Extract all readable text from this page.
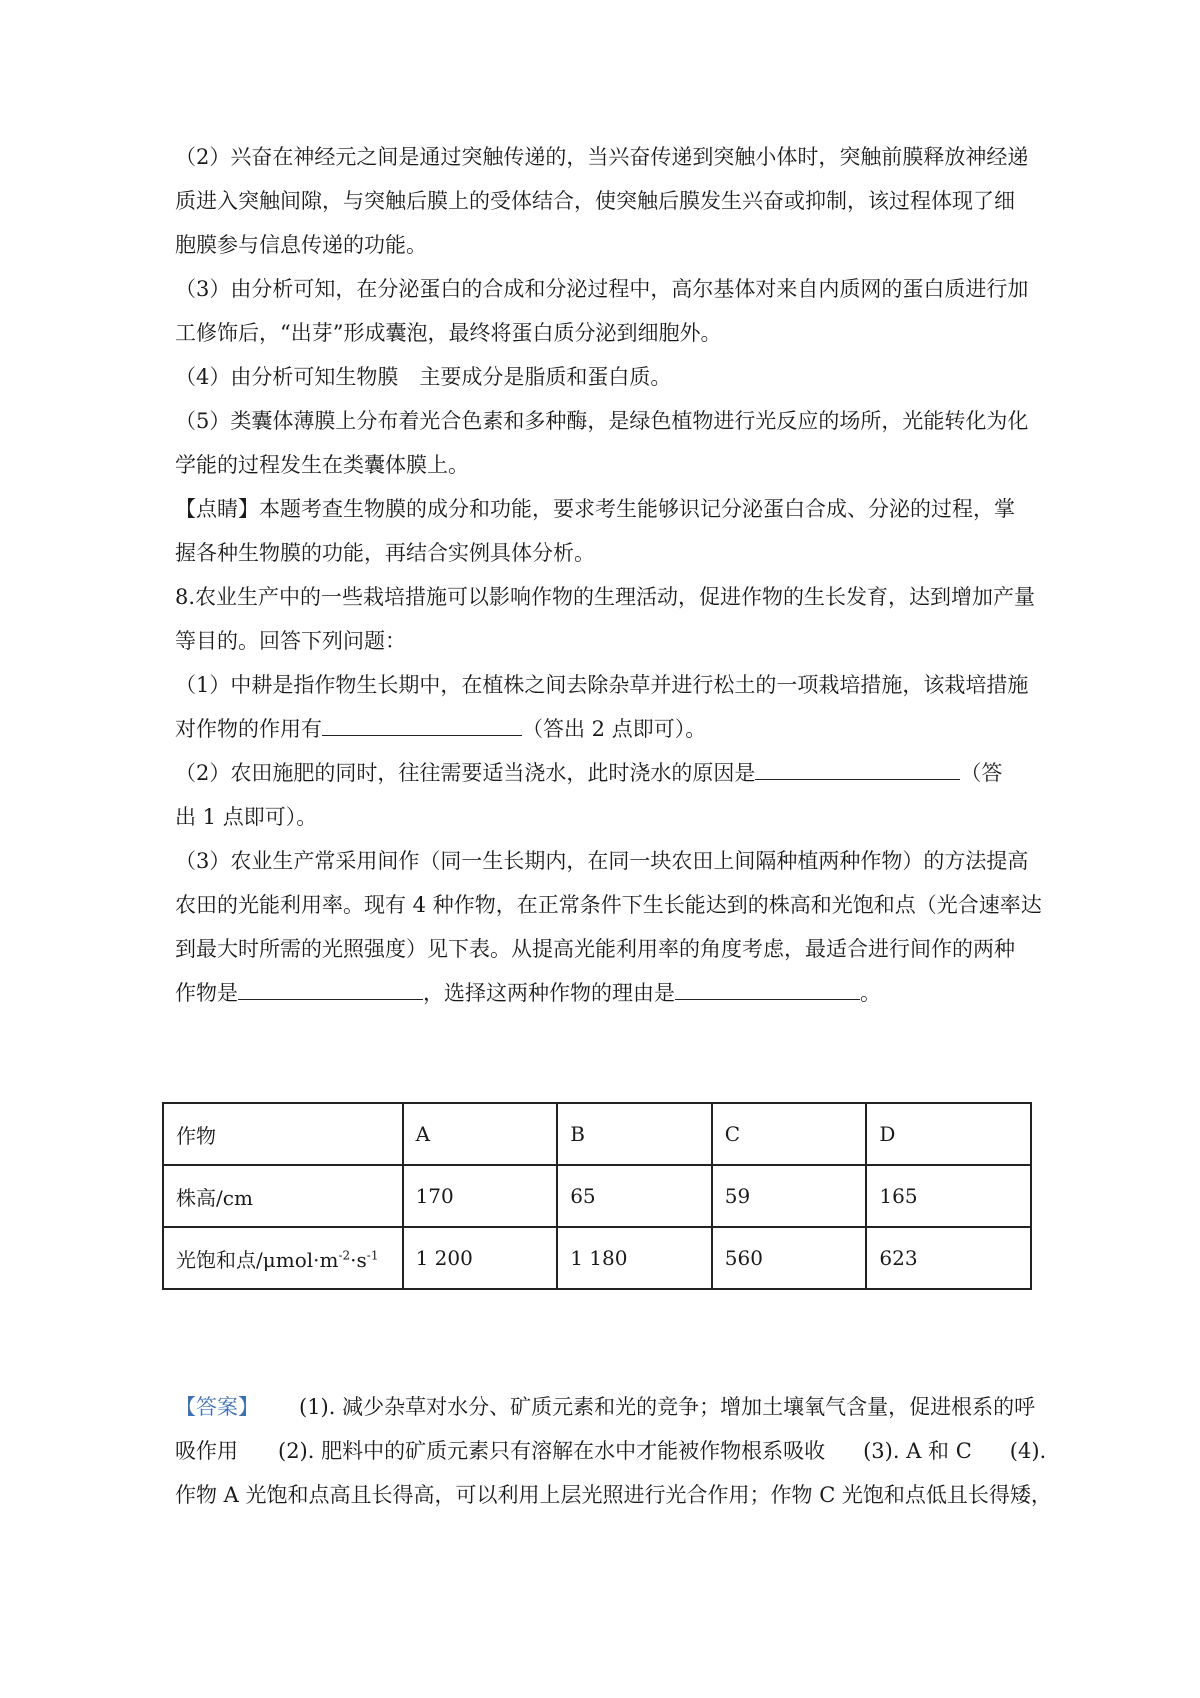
（2）兴奋在神经元之间是通过突触传递的，当兴奋传递到突触小体时，突触前膜释放神经递
质进入突触间隙，与突触后膜上的受体结合，使突触后膜发生兴奋或抑制，该过程体现了细
胞膜参与信息传递的功能。
（3）由分析可知，在分泌蛋白的合成和分泌过程中，高尔基体对来自内质网的蛋白质进行加
工修饰后，“出芽”形成囊泡，最终将蛋白质分泌到细胞外。
（4）由分析可知生物膜　主要成分是脂质和蛋白质。
（5）类囊体薄膜上分布着光合色素和多种酶，是绿色植物进行光反应的场所，光能转化为化
学能的过程发生在类囊体膜上。
【点睛】本题考查生物膜的成分和功能，要求考生能够识记分泌蛋白合成、分泌的过程，掌
握各种生物膜的功能，再结合实例具体分析。
8.农业生产中的一些栽培措施可以影响作物的生理活动，促进作物的生长发育，达到增加产量
等目的。回答下列问题：
（1）中耕是指作物生长期中，在植株之间去除杂草并进行松土的一项栽培措施，该栽培措施
对作物的作用有	（答出 2 点即可）。
（2）农田施肥的同时，往往需要适当浇水，此时浇水的原因是	（答
出 1 点即可）。
（3）农业生产常采用间作（同一生长期内，在同一块农田上间隔种植两种作物）的方法提高
农田的光能利用率。现有 4 种作物，在正常条件下生长能达到的株高和光饱和点（光合速率达
到最大时所需的光照强度）见下表。从提高光能利用率的角度考虑，最适合进行间作的两种
作物是	，选择这两种作物的理由是	。
作物	A	B	C	D
株高/cm	170	65	59	165
光饱和点$/\mu mol\cdot m^{-2}\cdot s^{-1}$	1 200	1 180	560	623
【答案】 (1). 减少杂草对水分、矿质元素和光的竞争；增加土壤氧气含量，促进根系的呼
吸作用 (2). 肥料中的矿质元素只有溶解在水中才能被作物根系吸收 (3). A 和 C (4).
作物 A 光饱和点高且长得高，可以利用上层光照进行光合作用；作物 C 光饱和点低且长得矮，
